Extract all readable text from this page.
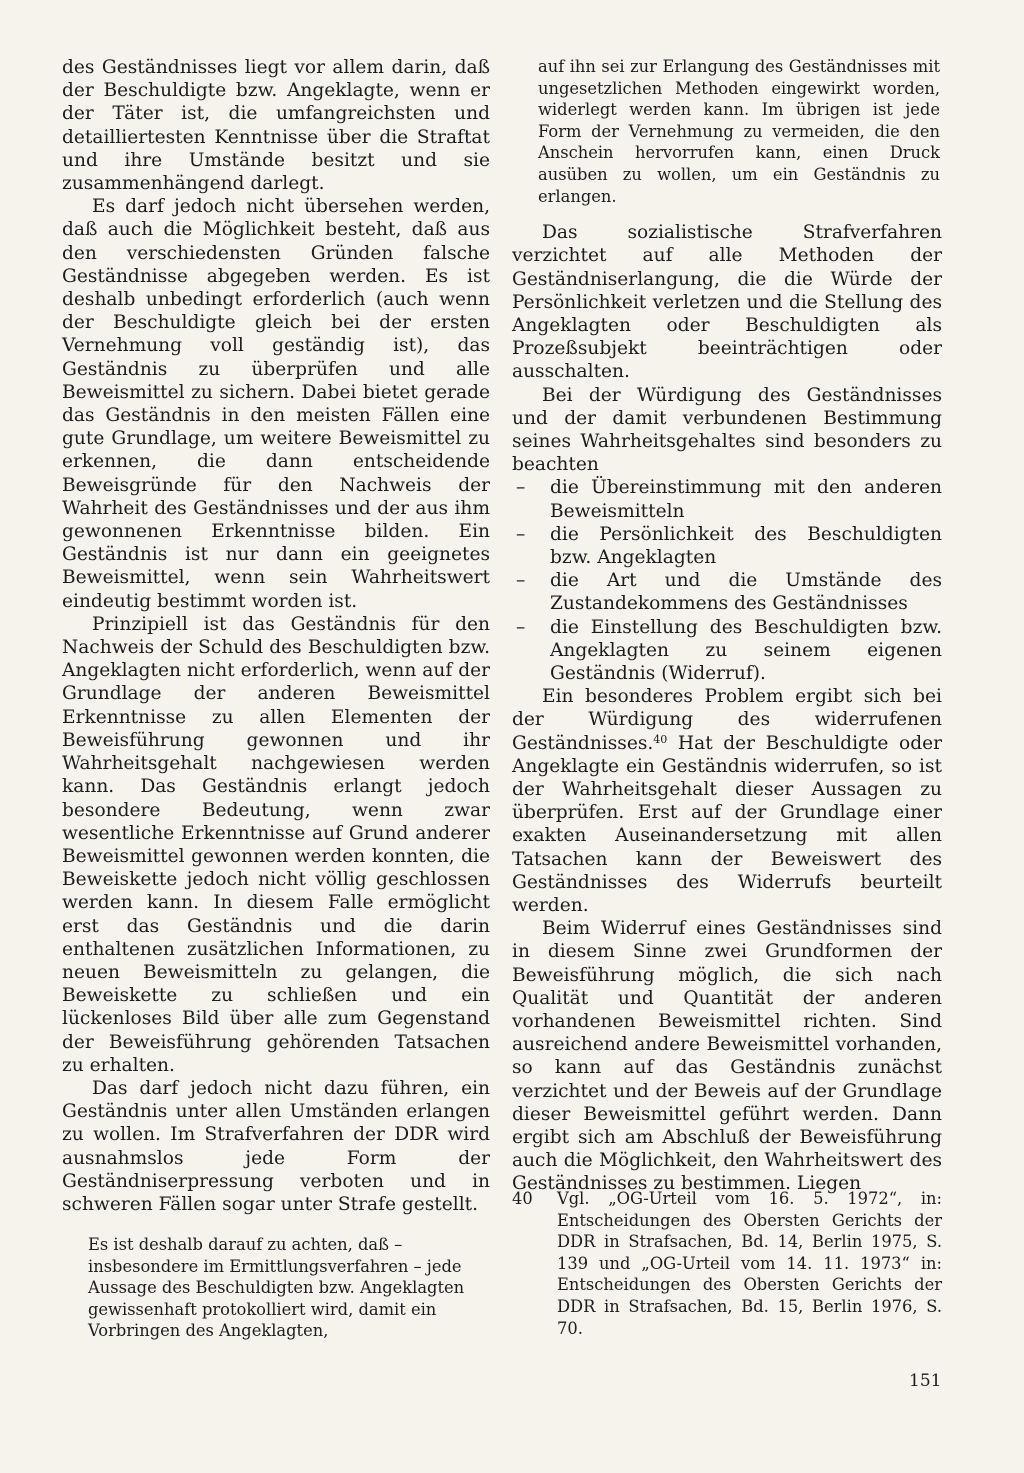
des Geständnisses liegt vor allem darin, daß der Beschuldigte bzw. Angeklagte, wenn er der Täter ist, die umfangreichsten und detailliertesten Kenntnisse über die Straftat und ihre Umstände besitzt und sie zusammenhängend darlegt.

Es darf jedoch nicht übersehen werden, daß auch die Möglichkeit besteht, daß aus den verschiedensten Gründen falsche Geständnisse abgegeben werden. Es ist deshalb unbedingt erforderlich (auch wenn der Beschuldigte gleich bei der ersten Vernehmung voll geständig ist), das Geständnis zu überprüfen und alle Beweismittel zu sichern. Dabei bietet gerade das Geständnis in den meisten Fällen eine gute Grundlage, um weitere Beweismittel zu erkennen, die dann entscheidende Beweisgründe für den Nachweis der Wahrheit des Geständnisses und der aus ihm gewonnenen Erkenntnisse bilden. Ein Geständnis ist nur dann ein geeignetes Beweismittel, wenn sein Wahrheitswert eindeutig bestimmt worden ist.

Prinzipiell ist das Geständnis für den Nachweis der Schuld des Beschuldigten bzw. Angeklagten nicht erforderlich, wenn auf der Grundlage der anderen Beweismittel Erkenntnisse zu allen Elementen der Beweisführung gewonnen und ihr Wahrheitsgehalt nachgewiesen werden kann. Das Geständnis erlangt jedoch besondere Bedeutung, wenn zwar wesentliche Erkenntnisse auf Grund anderer Beweismittel gewonnen werden konnten, die Beweiskette jedoch nicht völlig geschlossen werden kann. In diesem Falle ermöglicht erst das Geständnis und die darin enthaltenen zusätzlichen Informationen, zu neuen Beweismitteln zu gelangen, die Beweiskette zu schließen und ein lückenloses Bild über alle zum Gegenstand der Beweisführung gehörenden Tatsachen zu erhalten.

Das darf jedoch nicht dazu führen, ein Geständnis unter allen Umständen erlangen zu wollen. Im Strafverfahren der DDR wird ausnahmslos jede Form der Geständniserpressung verboten und in schweren Fällen sogar unter Strafe gestellt.

Es ist deshalb darauf zu achten, daß – insbesondere im Ermittlungsverfahren – jede Aussage des Beschuldigten bzw. Angeklagten gewissenhaft protokolliert wird, damit ein Vorbringen des Angeklagten,

auf ihn sei zur Erlangung des Geständnisses mit ungesetzlichen Methoden eingewirkt worden, widerlegt werden kann. Im übrigen ist jede Form der Vernehmung zu vermeiden, die den Anschein hervorrufen kann, einen Druck ausüben zu wollen, um ein Geständnis zu erlangen.

Das sozialistische Strafverfahren verzichtet auf alle Methoden der Geständniserlangung, die die Würde der Persönlichkeit verletzen und die Stellung des Angeklagten oder Beschuldigten als Prozeßsubjekt beeinträchtigen oder ausschalten.

Bei der Würdigung des Geständnisses und der damit verbundenen Bestimmung seines Wahrheitsgehaltes sind besonders zu beachten

– die Übereinstimmung mit den anderen Beweismitteln
– die Persönlichkeit des Beschuldigten bzw. Angeklagten
– die Art und die Umstände des Zustandekommens des Geständnisses
– die Einstellung des Beschuldigten bzw. Angeklagten zu seinem eigenen Geständnis (Widerruf).

Ein besonderes Problem ergibt sich bei der Würdigung des widerrufenen Geständnisses.$^{40}$ Hat der Beschuldigte oder Angeklagte ein Geständnis widerrufen, so ist der Wahrheitsgehalt dieser Aussagen zu überprüfen. Erst auf der Grundlage einer exakten Auseinandersetzung mit allen Tatsachen kann der Beweiswert des Geständnisses des Widerrufs beurteilt werden.

Beim Widerruf eines Geständnisses sind in diesem Sinne zwei Grundformen der Beweisführung möglich, die sich nach Qualität und Quantität der anderen vorhandenen Beweismittel richten. Sind ausreichend andere Beweismittel vorhanden, so kann auf das Geständnis zunächst verzichtet und der Beweis auf der Grundlage dieser Beweismittel geführt werden. Dann ergibt sich am Abschluß der Beweisführung auch die Möglichkeit, den Wahrheitswert des Geständnisses zu bestimmen. Liegen

40	Vgl. „OG-Urteil vom 16. 5. 1972“, in: Entscheidungen des Obersten Gerichts der DDR in Strafsachen, Bd. 14, Berlin 1975, S. 139 und „OG-Urteil vom 14. 11. 1973“ in: Entscheidungen des Obersten Gerichts der DDR in Strafsachen, Bd. 15, Berlin 1976, S. 70.
151
